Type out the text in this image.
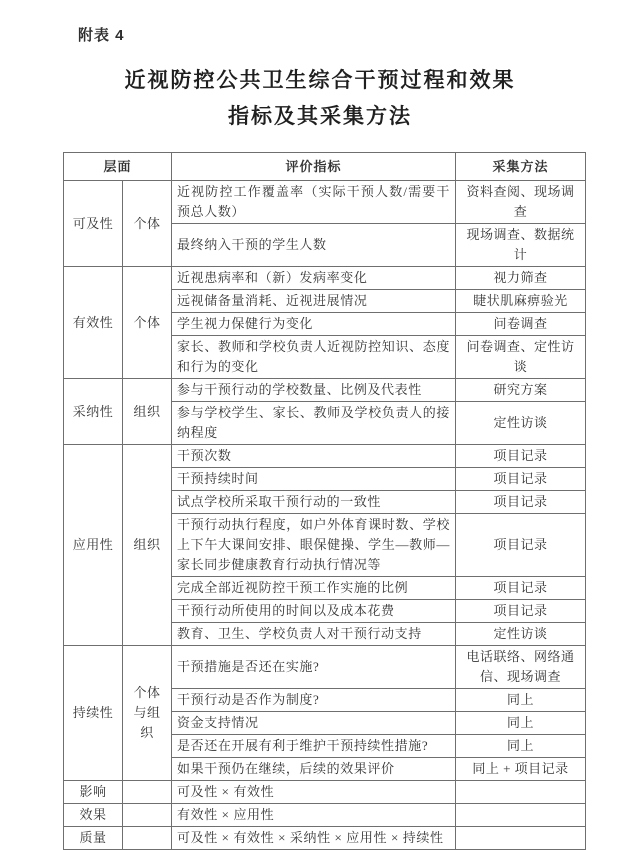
附表 4
近视防控公共卫生综合干预过程和效果
指标及其采集方法
层面		评价指标	采集方法
可及性	个体	近视防控工作覆盖率（实际干预人数/需要干预总人数）	资料查阅、现场调查
		最终纳入干预的学生人数	现场调查、数据统计
有效性	个体	近视患病率和（新）发病率变化	视力筛查
		远视储备量消耗、近视进展情况	睫状肌麻痹验光
		学生视力保健行为变化	问卷调查
		家长、教师和学校负责人近视防控知识、态度和行为的变化	问卷调查、定性访谈
采纳性	组织	参与干预行动的学校数量、比例及代表性	研究方案
		参与学校学生、家长、教师及学校负责人的接纳程度	定性访谈
应用性	组织	干预次数	项目记录
		干预持续时间	项目记录
		试点学校所采取干预行动的一致性	项目记录
		干预行动执行程度，如户外体育课时数、学校上下午大课间安排、眼保健操、学生—教师—家长同步健康教育行动执行情况等	项目记录
		完成全部近视防控干预工作实施的比例	项目记录
		干预行动所使用的时间以及成本花费	项目记录
		教育、卫生、学校负责人对干预行动支持	定性访谈
持续性	个体与组织	干预措施是否还在实施?	电话联络、网络通信、现场调查
		干预行动是否作为制度?	同上
		资金支持情况	同上
		是否还在开展有利于维护干预持续性措施?	同上
		如果干预仍在继续，后续的效果评价	同上 + 项目记录
影响		可及性 × 有效性	
效果		有效性 × 应用性	
质量		可及性 × 有效性 × 采纳性 × 应用性 × 持续性	
